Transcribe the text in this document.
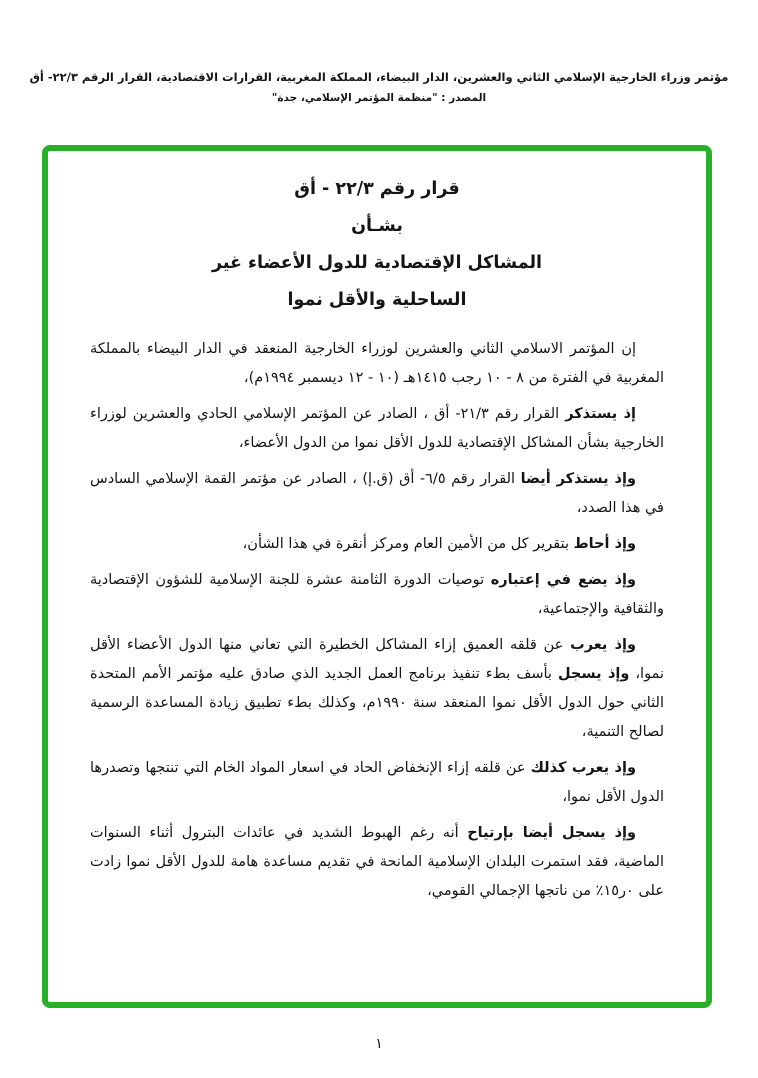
مؤتمر وزراء الخارجية الإسلامي الثاني والعشرين، الدار البيضاء، المملكة المغربية، القرارات الاقتصادية، القرار الرقم ٢٢/٣- أق
المصدر : "منظمة المؤتمر الإسلامي، جدة"
قرار رقم ٢٢/٣ - أق
بشـأن
المشاكل الإقتصادية للدول الأعضاء غير
الساحلية والأقل نموا

إن المؤتمر الاسلامي الثاني والعشرين لوزراء الخارجية المنعقد في الدار البيضاء بالمملكة المغربية في الفترة من ٨ - ١٠ رجب ١٤١٥هـ (١٠ - ١٢ ديسمبر ١٩٩٤م)،

إذ يستذكر القرار رقم ٢١/٣- أق ، الصادر عن المؤتمر الإسلامي الحادي والعشرين لوزراء الخارجية بشأن المشاكل الإقتصادية للدول الأقل نموا من الدول الأعضاء،

وإذ يستذكر أيضا القرار رقم ٦/٥- أق (ق.إ) ، الصادر عن مؤتمر القمة الإسلامي السادس في هذا الصدد،

وإذ أحاط بتقرير كل من الأمين العام ومركز أنقرة في هذا الشأن،

وإذ يضع في إعتباره توصيات الدورة الثامنة عشرة للجنة الإسلامية للشؤون الإقتصادية والثقافية والإجتماعية،

وإذ يعرب عن قلقه العميق إزاء المشاكل الخطيرة التي تعاني منها الدول الأعضاء الأقل نموا، وإذ يسجل بأسف بطء تنفيذ برنامج العمل الجديد الذي صادق عليه مؤتمر الأمم المتحدة الثاني حول الدول الأقل نموا المنعقد سنة ١٩٩٠م، وكذلك بطء تطبيق زيادة المساعدة الرسمية لصالح التنمية،

وإذ يعرب كذلك عن قلقه إزاء الإنخفاض الحاد في اسعار المواد الخام التي تنتجها وتصدرها الدول الأقل نموا،

وإذ يسجل أيضا بإرتياح أنه رغم الهبوط الشديد في عائدات البترول أثناء السنوات الماضية، فقد استمرت البلدان الإسلامية المانحة في تقديم مساعدة هامة للدول الأقل نموا زادت على ٠ر١٥٪ من ناتجها الإجمالي القومي،

١
